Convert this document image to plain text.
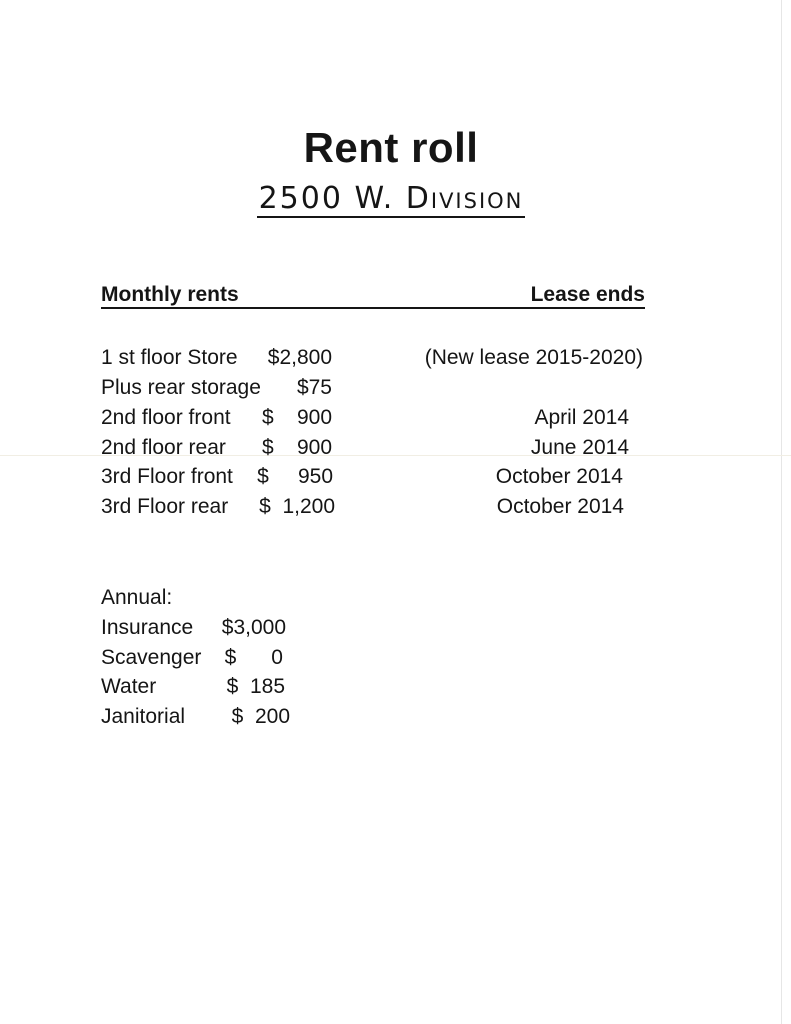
Rent roll
2500 W. Division
Monthly rents	Lease ends
1 st floor Store $2,800	(New lease 2015-2020)
Plus rear storage $75
2nd floor front $    900	April 2014
2nd floor rear $    900	June 2014
3rd Floor front $     950	October 2014
3rd Floor rear $  1,200	October 2014
Annual:
Insurance $3,000
Scavenger $      0
Water	$  185
Janitorial $  200
